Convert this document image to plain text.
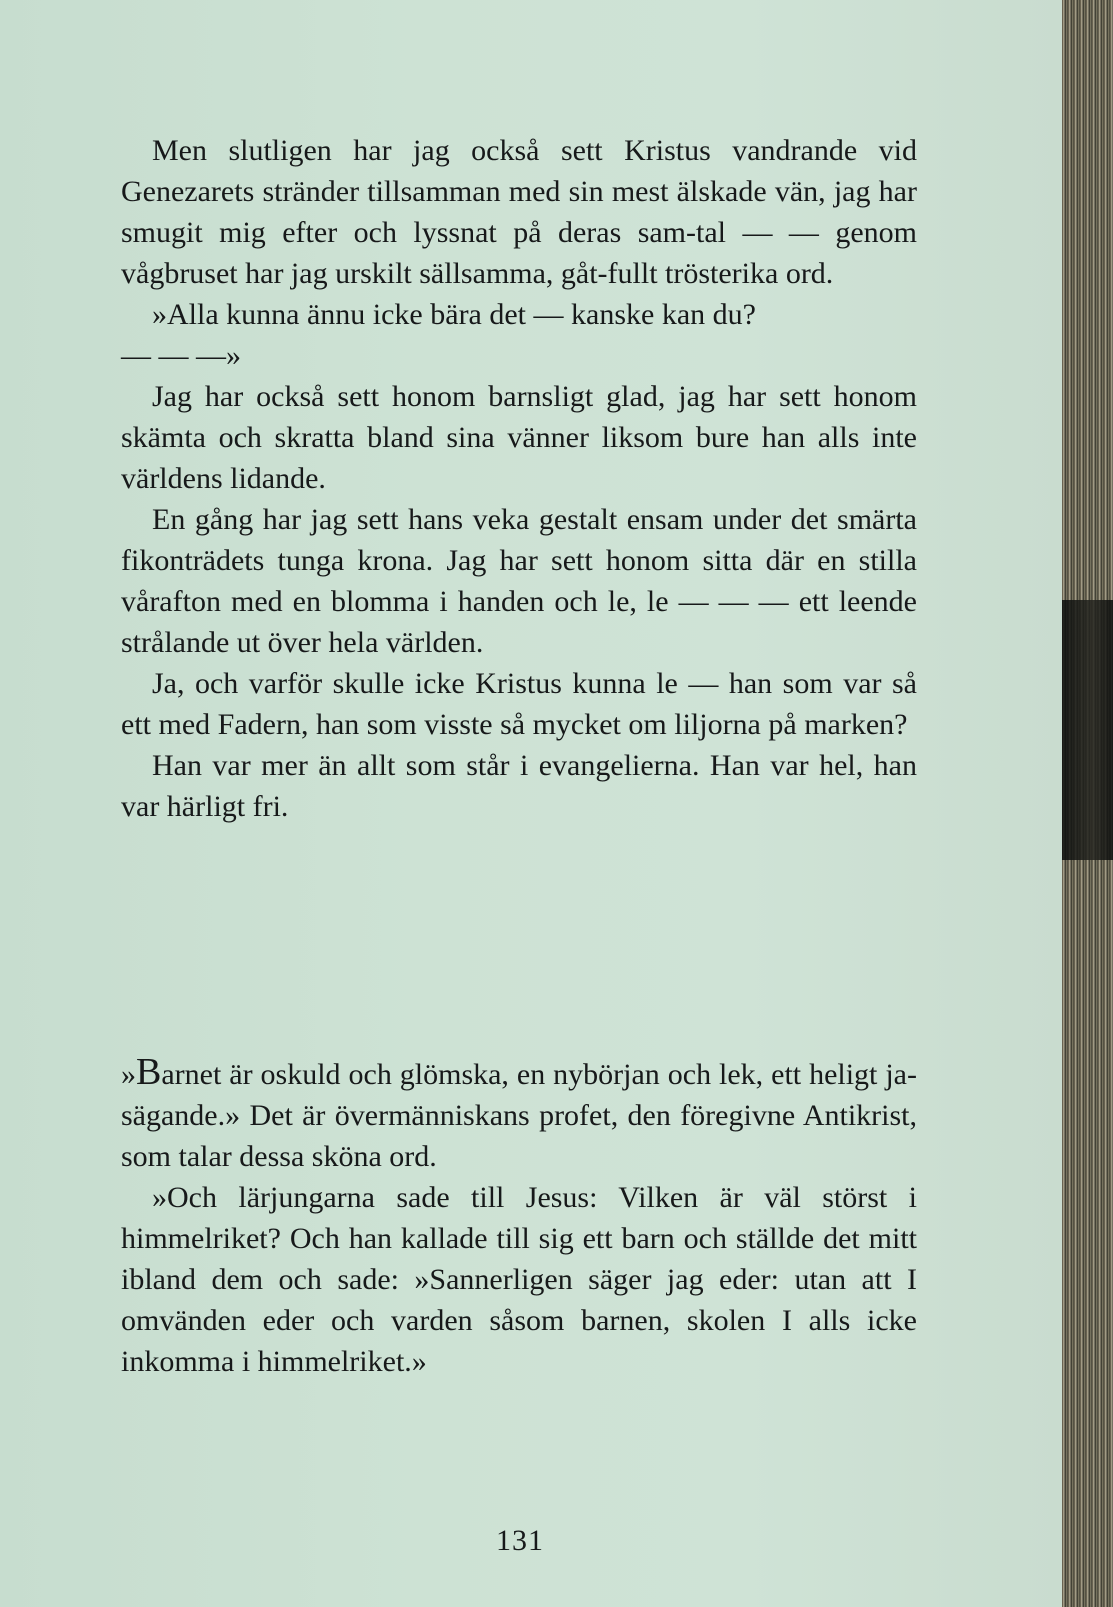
Men slutligen har jag också sett Kristus vandrande vid Genezarets stränder tillsamman med sin mest älskade vän, jag har smugit mig efter och lyssnat på deras sam-tal — — genom vågbruset har jag urskilt sällsamma, gåt-fullt trösterika ord.

»Alla kunna ännu icke bära det — kanske kan du?

— — —»

Jag har också sett honom barnsligt glad, jag har sett honom skämta och skratta bland sina vänner liksom bure han alls inte världens lidande.

En gång har jag sett hans veka gestalt ensam under det smärta fikonträdets tunga krona. Jag har sett honom sitta där en stilla vårafton med en blomma i handen och le, le — — — ett leende strålande ut över hela världen.

Ja, och varför skulle icke Kristus kunna le — han som var så ett med Fadern, han som visste så mycket om liljorna på marken?

Han var mer än allt som står i evangelierna. Han var hel, han var härligt fri.

»Barnet är oskuld och glömska, en nybörjan och lek, ett heligt ja-sägande.» Det är övermänniskans profet, den föregivne Antikrist, som talar dessa sköna ord.

»Och lärjungarna sade till Jesus: Vilken är väl störst i himmelriket? Och han kallade till sig ett barn och ställde det mitt ibland dem och sade: »Sannerligen säger jag eder: utan att I omvänden eder och varden såsom barnen, skolen I alls icke inkomma i himmelriket.»

131
